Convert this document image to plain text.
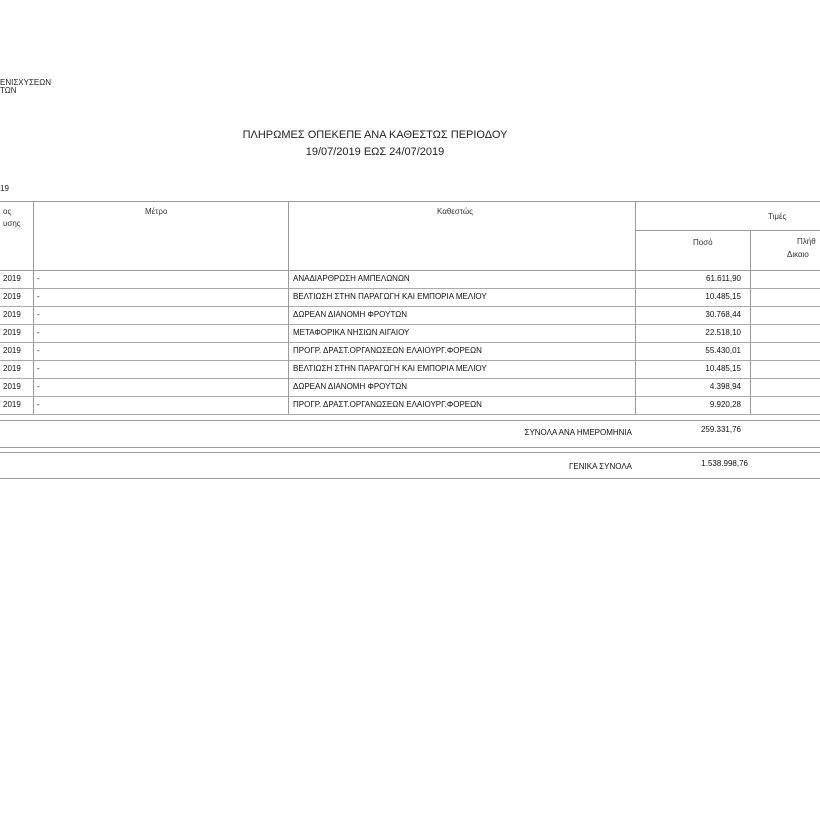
ΕΝΙΣΧΥΣΕΩΝ
ΤΩΝ
ΠΛΗΡΩΜΕΣ ΟΠΕΚΕΠΕ ΑΝΑ ΚΑΘΕΣΤΩΣ ΠΕΡΙΟΔΟΥ
19/07/2019 ΕΩΣ 24/07/2019
19
ος
υσης
Μέτρο	Καθεστώς
Τιμές
Ποσό	Πλήθ
Δικαιο
2019 -	ΑΝΑΔΙΑΡΘΡΩΣΗ ΑΜΠΕΛΩΝΩΝ	61.611,90
2019 -	ΒΕΛΤΙΩΣΗ ΣΤΗΝ ΠΑΡΑΓΩΓΗ ΚΑΙ ΕΜΠΟΡΙΑ ΜΕΛΙΟΥ	10.485,15
2019 -	ΔΩΡΕΑΝ ΔΙΑΝΟΜΗ ΦΡΟΥΤΩΝ	30.768,44
2019 -	ΜΕΤΑΦΟΡΙΚΑ ΝΗΣΙΩΝ ΑΙΓΑΙΟΥ	22.518,10
2019 -	ΠΡΟΓΡ. ΔΡΑΣΤ.ΟΡΓΑΝΩΣΕΩΝ ΕΛΑΙΟΥΡΓ.ΦΟΡΕΩΝ	55.430,01
2019 -	ΒΕΛΤΙΩΣΗ ΣΤΗΝ ΠΑΡΑΓΩΓΗ ΚΑΙ ΕΜΠΟΡΙΑ ΜΕΛΙΟΥ	10.485,15
2019 -	ΔΩΡΕΑΝ ΔΙΑΝΟΜΗ ΦΡΟΥΤΩΝ	4.398,94
2019 -	ΠΡΟΓΡ. ΔΡΑΣΤ.ΟΡΓΑΝΩΣΕΩΝ ΕΛΑΙΟΥΡΓ.ΦΟΡΕΩΝ	9.920,28
ΣΥΝΟΛΑ ΑΝΑ ΗΜΕΡΟΜΗΝΙΑ	259.331,76
ΓΕΝΙΚΑ ΣΥΝΟΛΑ	1.538.998,76
